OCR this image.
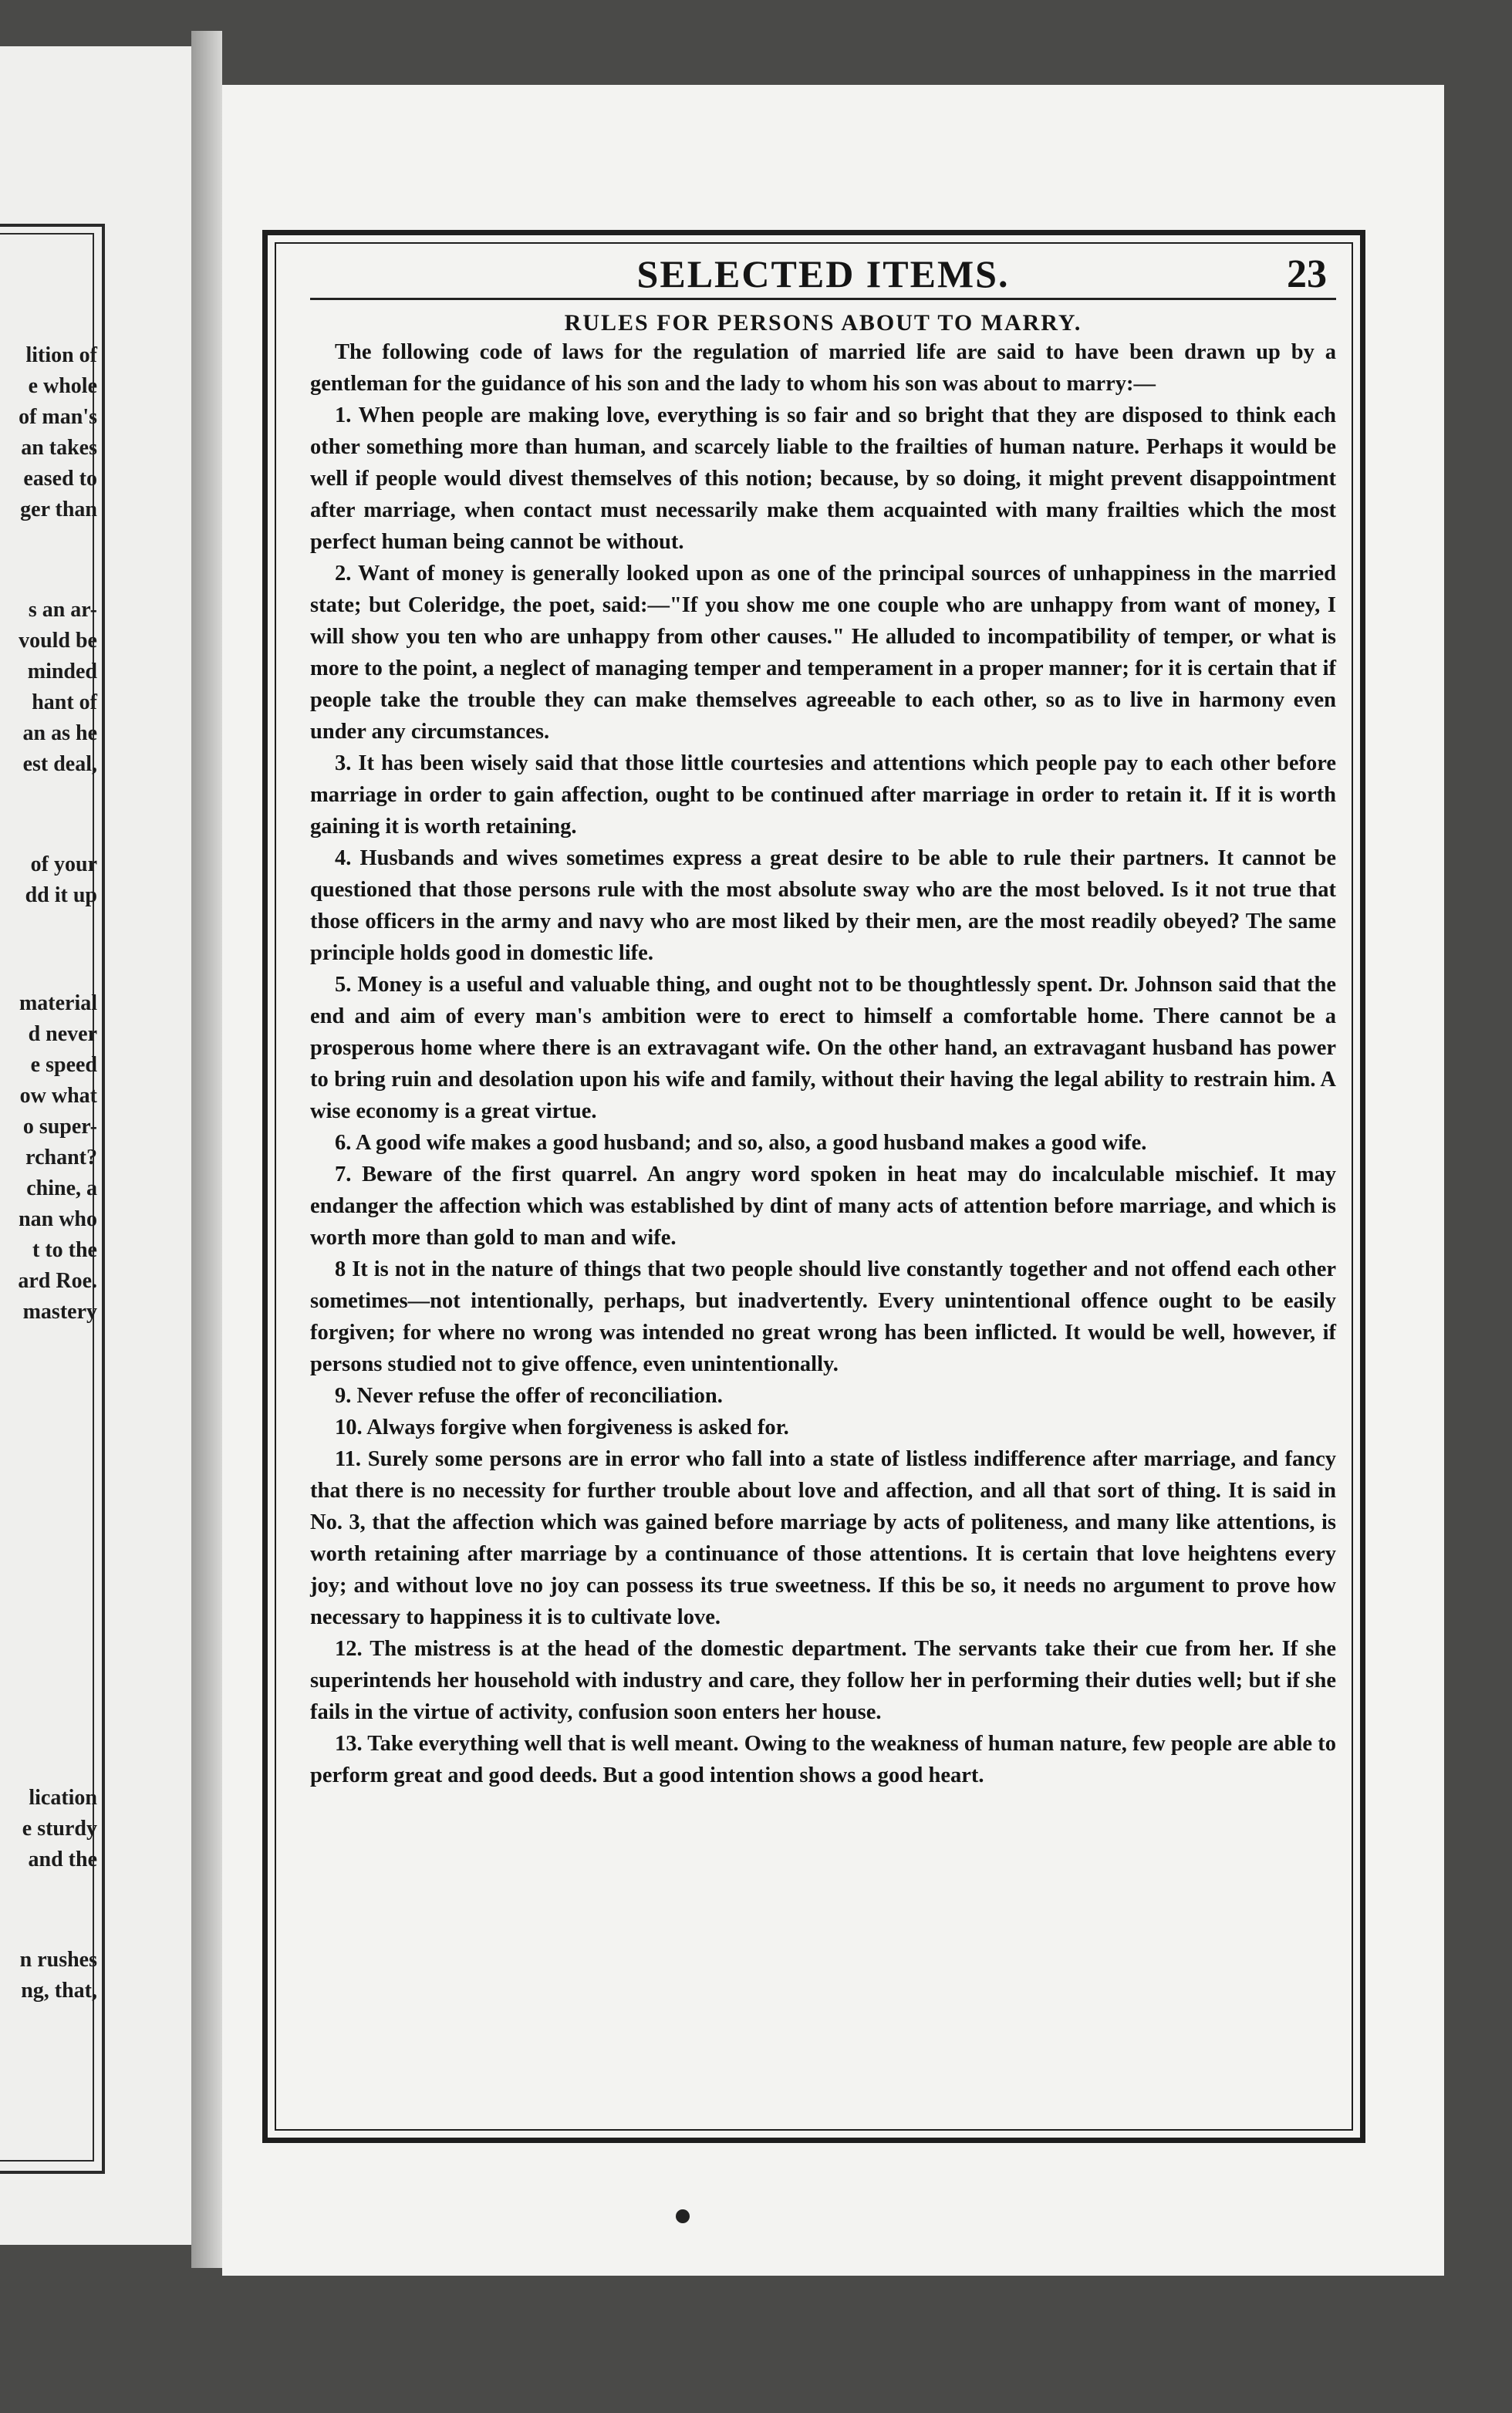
lition of
e whole
of man's
an takes
eased to
ger than
s an ar-
vould be
minded
hant of
an as he
est deal,
of your
dd it up
material
d never
e speed
ow what
o super-
rchant?
chine, a
nan who
t to the
ard Roe.
mastery
lication
e sturdy
and the
n rushes
ng, that,
SELECTED ITEMS.	23
RULES FOR PERSONS ABOUT TO MARRY.

The following code of laws for the regulation of married life are said to have been drawn up by a gentleman for the guidance of his son and the lady to whom his son was about to marry:—

1. When people are making love, everything is so fair and so bright that they are disposed to think each other something more than human, and scarcely liable to the frailties of human nature. Perhaps it would be well if people would divest themselves of this notion; because, by so doing, it might prevent disappointment after marriage, when contact must necessarily make them acquainted with many frailties which the most perfect human being cannot be without.
2. Want of money is generally looked upon as one of the principal sources of unhappiness in the married state; but Coleridge, the poet, said:—"If you show me one couple who are unhappy from want of money, I will show you ten who are unhappy from other causes." He alluded to incompatibility of temper, or what is more to the point, a neglect of managing temper and temperament in a proper manner; for it is certain that if people take the trouble they can make themselves agreeable to each other, so as to live in harmony even under any circumstances.
3. It has been wisely said that those little courtesies and attentions which people pay to each other before marriage in order to gain affection, ought to be continued after marriage in order to retain it. If it is worth gaining it is worth retaining.
4. Husbands and wives sometimes express a great desire to be able to rule their partners. It cannot be questioned that those persons rule with the most absolute sway who are the most beloved. Is it not true that those officers in the army and navy who are most liked by their men, are the most readily obeyed? The same principle holds good in domestic life.
5. Money is a useful and valuable thing, and ought not to be thoughtlessly spent. Dr. Johnson said that the end and aim of every man's ambition were to erect to himself a comfortable home. There cannot be a prosperous home where there is an extravagant wife. On the other hand, an extravagant husband has power to bring ruin and desolation upon his wife and family, without their having the legal ability to restrain him. A wise economy is a great virtue.
6. A good wife makes a good husband; and so, also, a good husband makes a good wife.
7. Beware of the first quarrel. An angry word spoken in heat may do incalculable mischief. It may endanger the affection which was established by dint of many acts of attention before marriage, and which is worth more than gold to man and wife.
8 It is not in the nature of things that two people should live constantly together and not offend each other sometimes—not intentionally, perhaps, but inadvertently. Every unintentional offence ought to be easily forgiven; for where no wrong was intended no great wrong has been inflicted. It would be well, however, if persons studied not to give offence, even unintentionally.
9. Never refuse the offer of reconciliation.
10. Always forgive when forgiveness is asked for.
11. Surely some persons are in error who fall into a state of listless indifference after marriage, and fancy that there is no necessity for further trouble about love and affection, and all that sort of thing. It is said in No. 3, that the affection which was gained before marriage by acts of politeness, and many like attentions, is worth retaining after marriage by a continuance of those attentions. It is certain that love heightens every joy; and without love no joy can possess its true sweetness. If this be so, it needs no argument to prove how necessary to happiness it is to cultivate love.
12. The mistress is at the head of the domestic department. The servants take their cue from her. If she superintends her household with industry and care, they follow her in performing their duties well; but if she fails in the virtue of activity, confusion soon enters her house.
13. Take everything well that is well meant. Owing to the weakness of human nature, few people are able to perform great and good deeds. But a good intention shows a good heart.
